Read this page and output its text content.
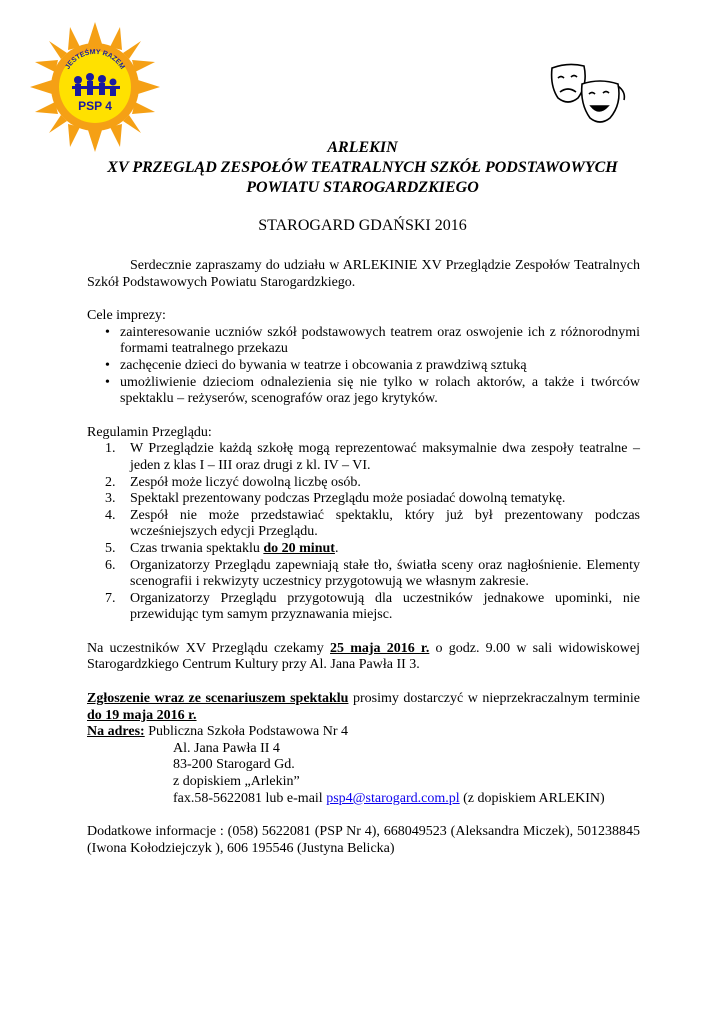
JESTEŚMY RAZEM
PSP 4
ARLEKIN
XV PRZEGLĄD ZESPOŁÓW TEATRALNYCH SZKÓŁ PODSTAWOWYCH
POWIATU STAROGARDZKIEGO
STAROGARD GDAŃSKI 2016

Serdecznie zapraszamy do udziału w ARLEKINIE XV Przeglądzie Zespołów Teatralnych Szkół Podstawowych Powiatu Starogardzkiego.

Cele imprezy:

• zainteresowanie uczniów szkół podstawowych teatrem oraz oswojenie ich z różnorodnymi formami teatralnego przekazu
• zachęcenie dzieci do bywania w teatrze i obcowania z prawdziwą sztuką
• umożliwienie dzieciom odnalezienia się nie tylko w rolach aktorów, a także i twórców spektaklu – reżyserów, scenografów oraz jego krytyków.

Regulamin Przeglądu:

1. W Przeglądzie każdą szkołę mogą reprezentować maksymalnie dwa zespoły teatralne – jeden z klas I – III oraz drugi z kl. IV – VI.
2. Zespół może liczyć dowolną liczbę osób.
3. Spektakl prezentowany podczas Przeglądu może posiadać dowolną tematykę.
4. Zespół nie może przedstawiać spektaklu, który już był prezentowany podczas wcześniejszych edycji Przeglądu.
5. Czas trwania spektaklu do 20 minut.
6. Organizatorzy Przeglądu zapewniają stałe tło, światła sceny oraz nagłośnienie. Elementy scenografii i rekwizyty uczestnicy przygotowują we własnym zakresie.
7. Organizatorzy Przeglądu przygotowują dla uczestników jednakowe upominki, nie przewidując tym samym przyznawania miejsc.

Na uczestników XV Przeglądu czekamy 25 maja 2016 r. o godz. 9.00 w sali widowiskowej Starogardzkiego Centrum Kultury przy Al. Jana Pawła II 3.

Zgłoszenie wraz ze scenariuszem spektaklu prosimy dostarczyć w nieprzekraczalnym terminie do 19 maja 2016 r.

Na adres: Publiczna Szkoła Podstawowa Nr 4

Al. Jana Pawła II 4

83-200 Starogard Gd.

z dopiskiem „Arlekin”

fax.58-5622081 lub e-mail psp4@starogard.com.pl (z dopiskiem ARLEKIN)

Dodatkowe informacje : (058) 5622081 (PSP Nr 4), 668049523 (Aleksandra Miczek), 501238845 (Iwona Kołodziejczyk ), 606 195546 (Justyna Belicka)
